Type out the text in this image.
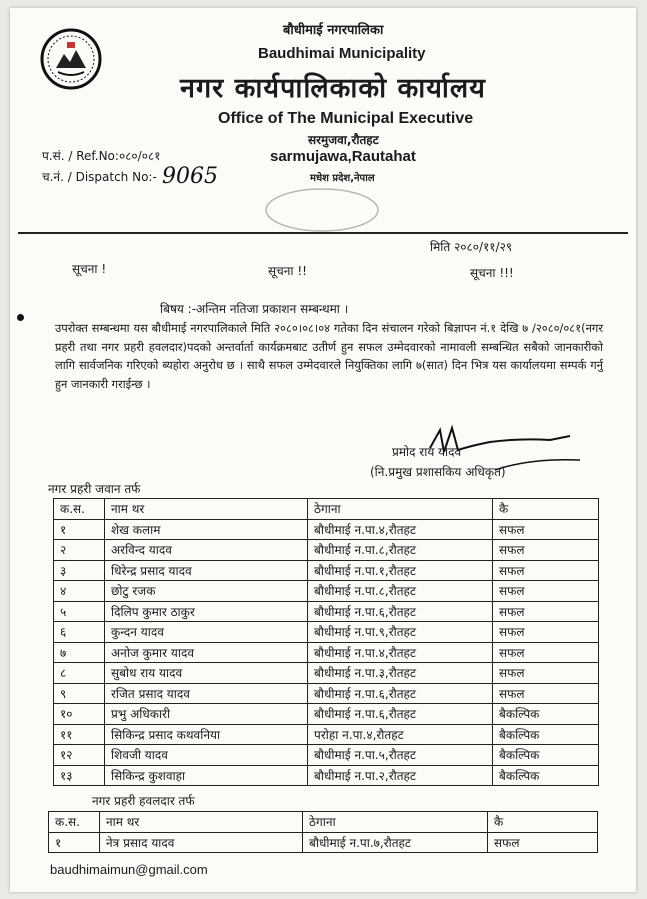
बौधीमाई नगरपालिका
Baudhimai Municipality
नगर कार्यपालिकाको कार्यालय
Office of The Municipal Executive
सरमुजवा,रौतहट
sarmujawa,Rautahat
मधेश प्रदेश,नेपाल
प.सं. / Ref.No:०८०/०८१
च.नं. / Dispatch No:- 9065
मिति २०८०/११/२९
सूचना !	सूचना !!	सूचना !!!
बिषय :-अन्तिम नतिजा प्रकाशन सम्बन्धमा ।
उपरोक्त सम्बन्धमा यस बौधीमाई नगरपालिकाले मिति २०८०।०८।०४ गतेका दिन संचालन गरेको बिज्ञापन नं.१ देखि ७ /२०८०/०८१(नगर प्रहरी तथा नगर प्रहरी हवलदार)पदको अन्तर्वार्ता कार्यक्रमबाट उतीर्ण हुन सफल उम्मेदवारको नामावली सम्बन्धित सबैको जानकारीको लागि सार्वजनिक गरिएको ब्यहोरा अनुरोध छ । साथै सफल उम्मेदवारले नियुक्तिका लागि ७(सात) दिन भित्र यस कार्यालयमा सम्पर्क गर्नु हुन जानकारी गराईन्छ ।
प्रमोद राय यादव
(नि.प्रमुख प्रशासकिय अधिकृत)
नगर प्रहरी जवान तर्फ
क.स.	नाम थर	ठेगाना	कै
१	शेख कलाम	बौधीमाई न.पा.४,रौतहट	सफल
२	अरविन्द यादव	बौधीमाई न.पा.८,रौतहट	सफल
३	धिरेन्द्र प्रसाद यादव	बौधीमाई न.पा.१,रौतहट	सफल
४	छोटु रजक	बौधीमाई न.पा.८,रौतहट	सफल
५	दिलिप कुमार ठाकुर	बौधीमाई न.पा.६,रौतहट	सफल
६	कुन्दन यादव	बौधीमाई न.पा.९,रौतहट	सफल
७	अनोज कुमार यादव	बौधीमाई न.पा.४,रौतहट	सफल
८	सुबोध राय यादव	बौधीमाई न.पा.३,रौतहट	सफल
९	रजित प्रसाद यादव	बौधीमाई न.पा.६,रौतहट	सफल
१०	प्रभु अधिकारी	बौधीमाई न.पा.६,रौतहट	बैकल्पिक
११	सिकिन्द्र प्रसाद कथवनिया	परोहा न.पा.४,रौतहट	बैकल्पिक
१२	शिवजी यादव	बौधीमाई न.पा.५,रौतहट	बैकल्पिक
१३	सिकिन्द्र कुशवाहा	बौधीमाई न.पा.२,रौतहट	बैकल्पिक
नगर प्रहरी हवलदार तर्फ
क.स.	नाम थर	ठेगाना	कै
१	नेत्र प्रसाद यादव	बौधीमाई न.पा.७,रौतहट	सफल
baudhimaimun@gmail.com
